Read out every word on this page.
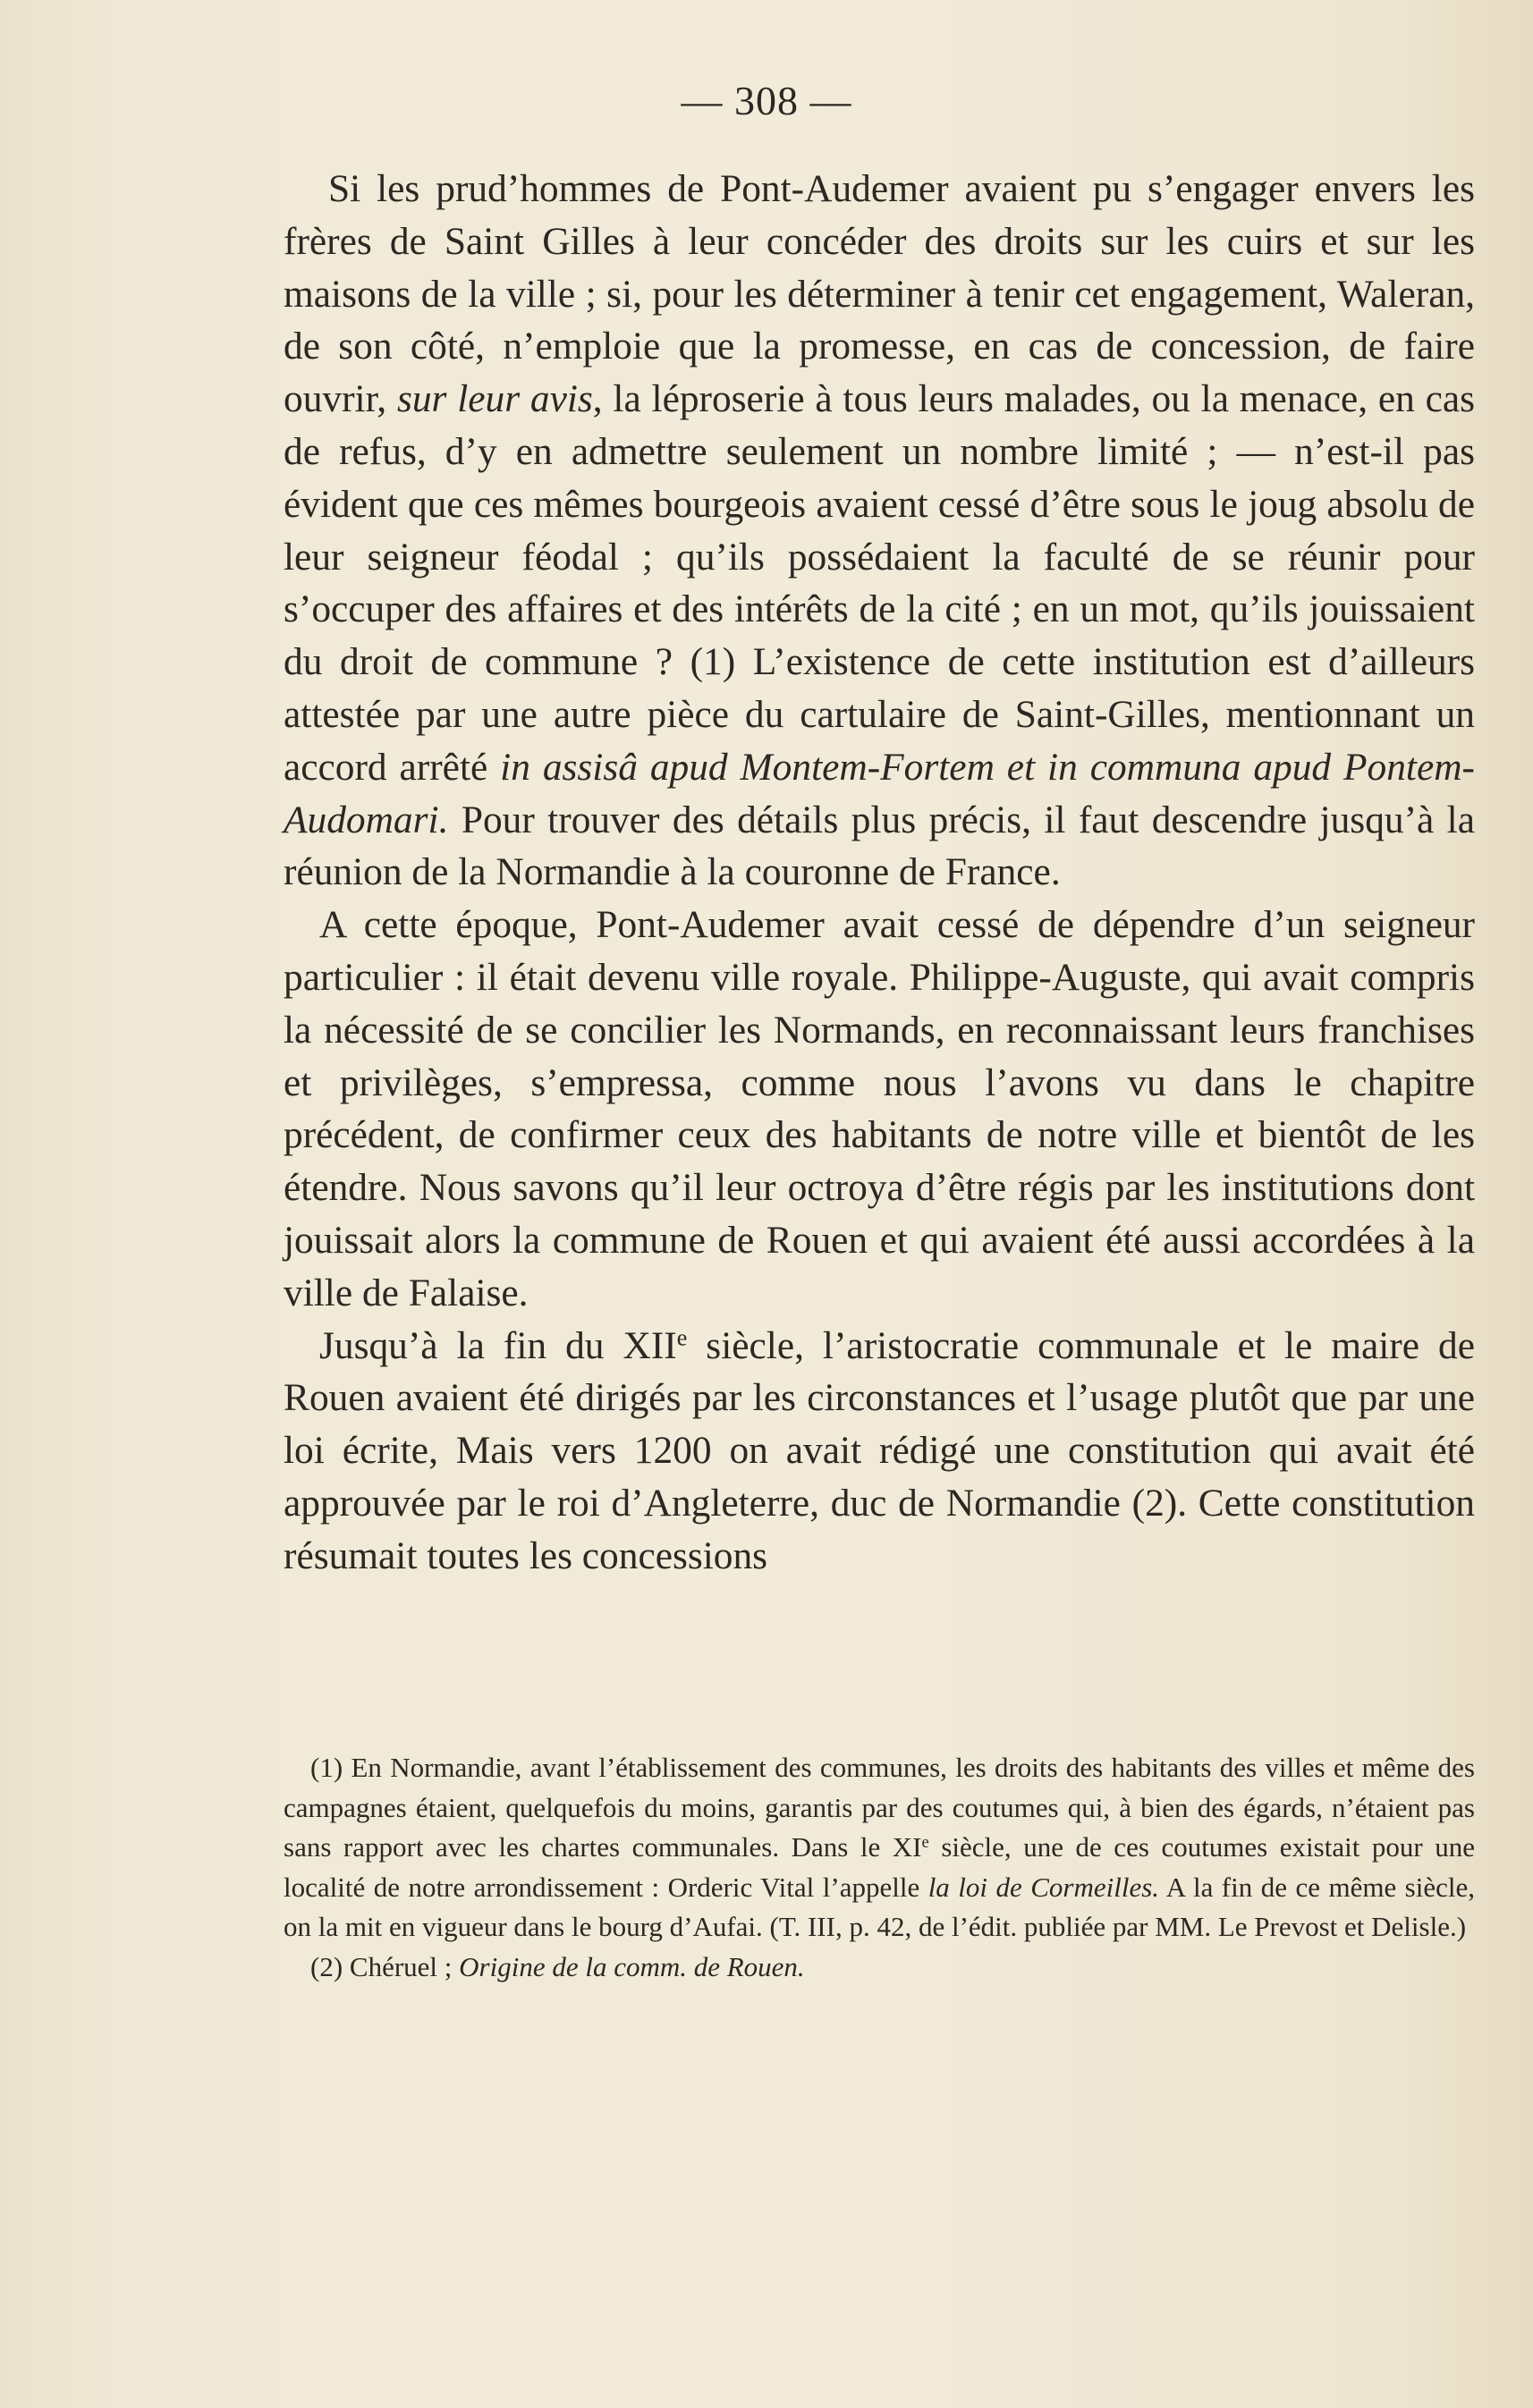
— 308 —

Si les prud’hommes de Pont-Audemer avaient pu s’engager envers les frères de Saint Gilles à leur concéder des droits sur les cuirs et sur les maisons de la ville ; si, pour les déterminer à tenir cet engagement, Waleran, de son côté, n’emploie que la promesse, en cas de concession, de faire ouvrir, sur leur avis, la léproserie à tous leurs malades, ou la menace, en cas de refus, d’y en admettre seulement un nombre limité ; — n’est-il pas évident que ces mêmes bourgeois avaient cessé d’être sous le joug absolu de leur seigneur féodal ; qu’ils possédaient la faculté de se réunir pour s’occuper des affaires et des intérêts de la cité ; en un mot, qu’ils jouissaient du droit de commune ? (1) L’existence de cette institution est d’ailleurs attestée par une autre pièce du cartulaire de Saint-Gilles, mentionnant un accord arrêté in assisâ apud Montem-Fortem et in communa apud Pontem-Audomari. Pour trouver des détails plus précis, il faut descendre jusqu’à la réunion de la Normandie à la couronne de France.

A cette époque, Pont-Audemer avait cessé de dépendre d’un seigneur particulier : il était devenu ville royale. Philippe-Auguste, qui avait compris la nécessité de se concilier les Normands, en reconnaissant leurs franchises et privilèges, s’empressa, comme nous l’avons vu dans le chapitre précédent, de confirmer ceux des habitants de notre ville et bientôt de les étendre. Nous savons qu’il leur octroya d’être régis par les institutions dont jouissait alors la commune de Rouen et qui avaient été aussi accordées à la ville de Falaise.

Jusqu’à la fin du XIIe siècle, l’aristocratie communale et le maire de Rouen avaient été dirigés par les circonstances et l’usage plutôt que par une loi écrite, Mais vers 1200 on avait rédigé une constitution qui avait été approuvée par le roi d’Angleterre, duc de Normandie (2). Cette constitution résumait toutes les concessions

(1) En Normandie, avant l’établissement des communes, les droits des habitants des villes et même des campagnes étaient, quelquefois du moins, garantis par des coutumes qui, à bien des égards, n’étaient pas sans rapport avec les chartes communales. Dans le XIe siècle, une de ces coutumes existait pour une localité de notre arrondissement : Orderic Vital l’appelle la loi de Cormeilles. A la fin de ce même siècle, on la mit en vigueur dans le bourg d’Aufai. (T. III, p. 42, de l’édit. publiée par MM. Le Prevost et Delisle.)

(2) Chéruel ; Origine de la comm. de Rouen.
